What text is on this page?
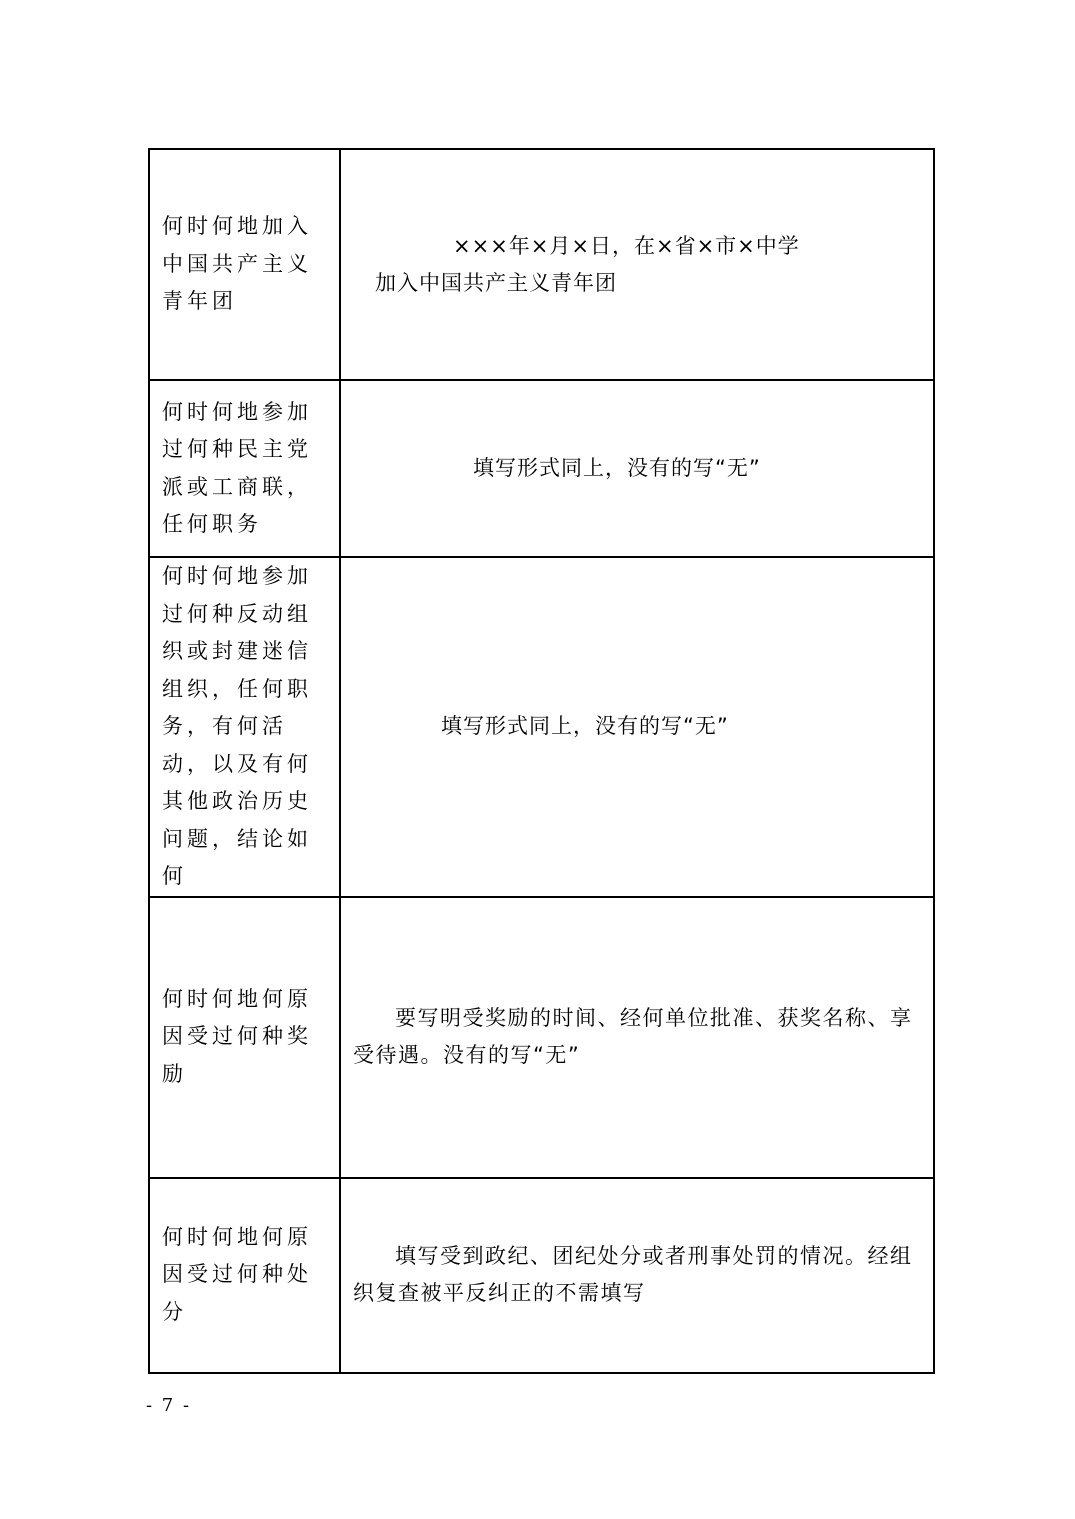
何时何地加入中国共产主义青年团	×××年×月×日，在×省×市×中学
加入中国共产主义青年团

何时何地参加过何种民主党派或工商联，任何职务	填写形式同上，没有的写“无”

何时何地参加过何种反动组织或封建迷信组织，任何职务，有何活动，以及有何其他政治历史问题，结论如何	填写形式同上，没有的写“无”

何时何地何原因受过何种奖励	要写明受奖励的时间、经何单位批准、获奖名称、享受待遇。没有的写“无”

何时何地何原因受过何种处分	填写受到政纪、团纪处分或者刑事处罚的情况。经组织复查被平反纠正的不需填写

- 7 -
